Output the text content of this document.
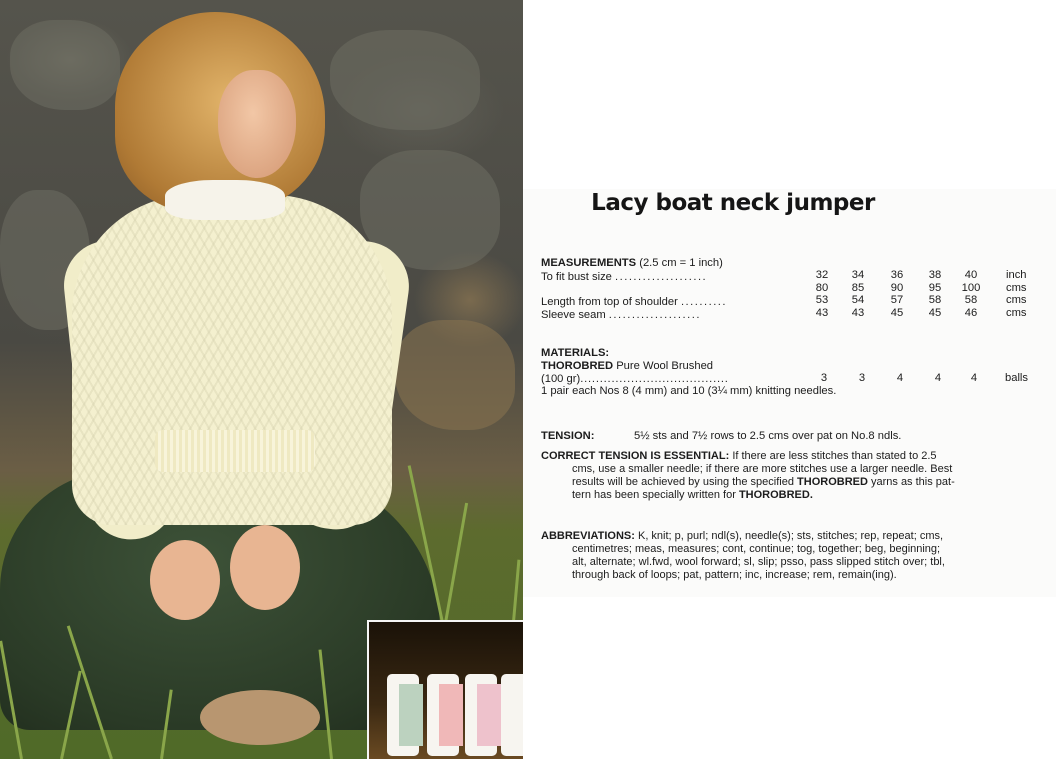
Lacy boat neck jumper
MEASUREMENTS (2.5 cm = 1 inch)
To fit bust size ....................	32	34	36	38	40	inch
80	85	90	95	100	cms
Length from top of shoulder ..........	53	54	57	58	58	cms
Sleeve seam ....................	43	43	45	45	46	cms
MATERIALS:
THOROBRED Pure Wool Brushed
(100 gr)......................................	3	3	4	4	4	balls
1 pair each Nos 8 (4 mm) and 10 (3¼ mm) knitting needles.
TENSION:	5½ sts and 7½ rows to 2.5 cms over pat on No.8 ndls.
CORRECT TENSION IS ESSENTIAL: If there are less stitches than stated to 2.5
cms, use a smaller needle; if there are more stitches use a larger needle. Best
results will be achieved by using the specified THOROBRED yarns as this pat-
tern has been specially written for THOROBRED.
ABBREVIATIONS: K, knit; p, purl; ndl(s), needle(s); sts, stitches; rep, repeat; cms,
centimetres; meas, measures; cont, continue; tog, together; beg, beginning;
alt, alternate; wl.fwd, wool forward; sl, slip; psso, pass slipped stitch over; tbl,
through back of loops; pat, pattern; inc, increase; rem, remain(ing).
